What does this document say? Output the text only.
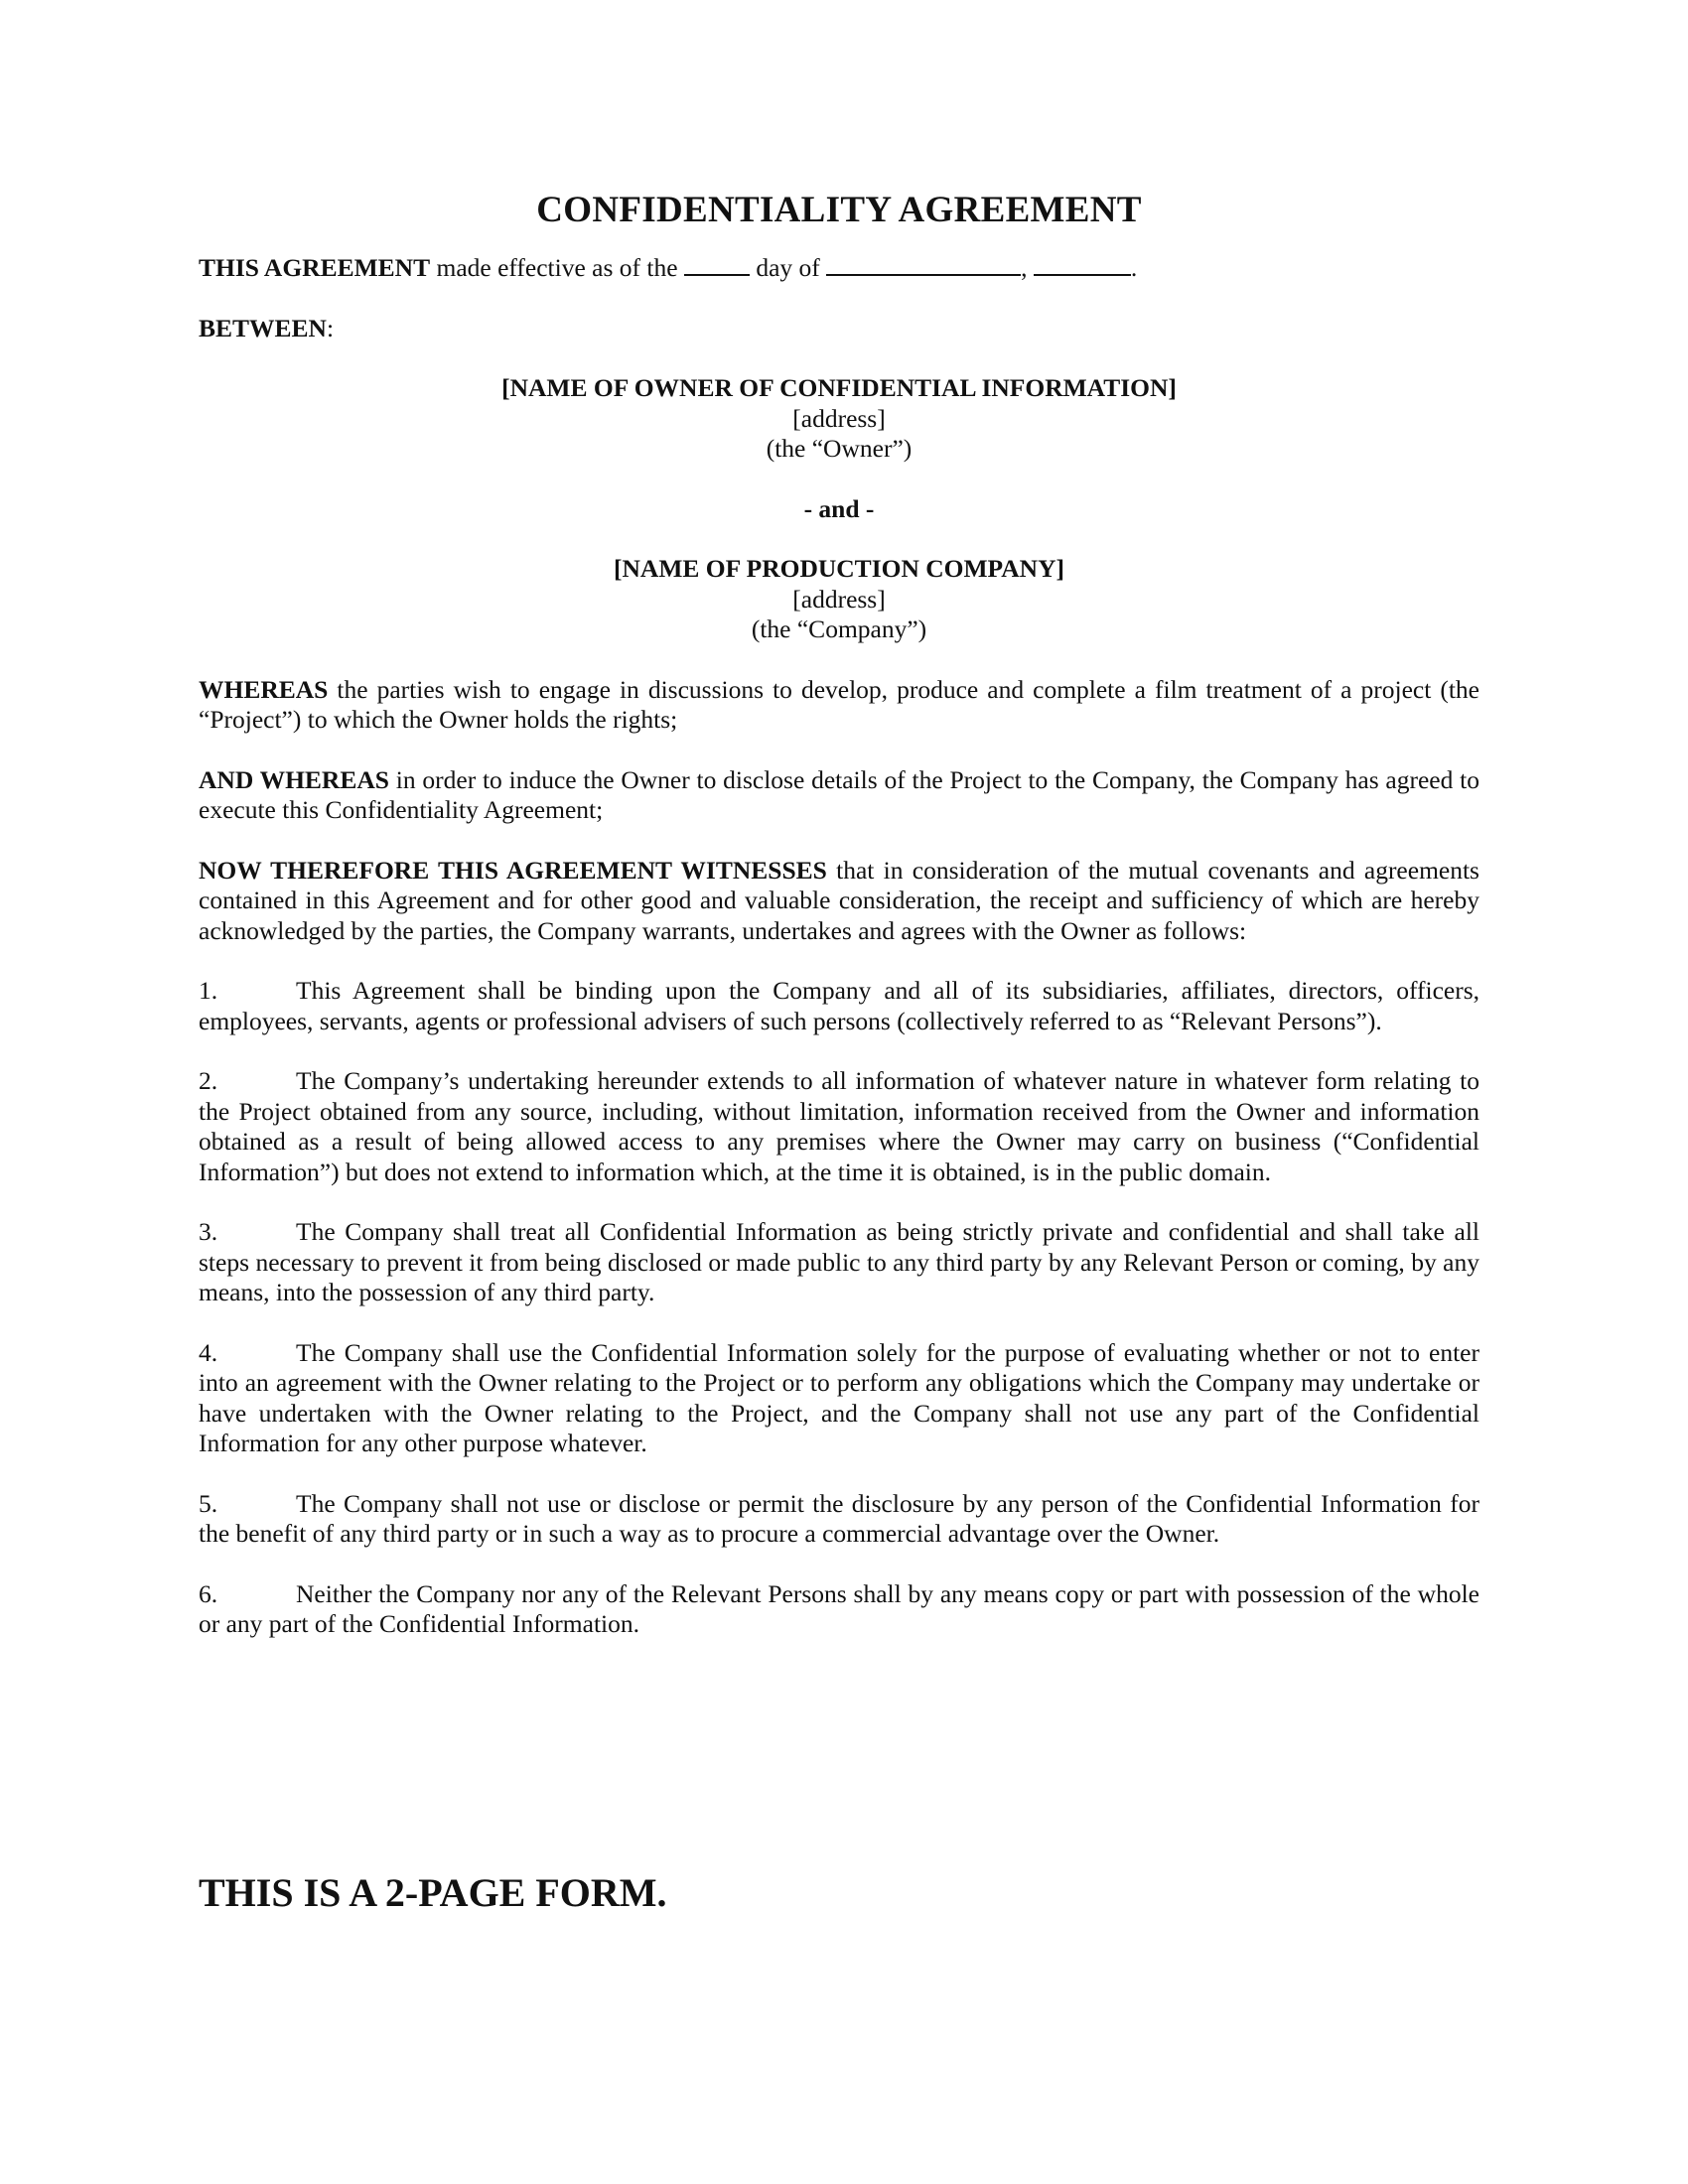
CONFIDENTIALITY AGREEMENT

THIS AGREEMENT made effective as of the	day of	,	.

BETWEEN:

[NAME OF OWNER OF CONFIDENTIAL INFORMATION]
[address]
(the “Owner”)
- and -
[NAME OF PRODUCTION COMPANY]
[address]
(the “Company”)

WHEREAS the parties wish to engage in discussions to develop, produce and complete a film treatment of a project (the “Project”) to which the Owner holds the rights;

AND WHEREAS in order to induce the Owner to disclose details of the Project to the Company, the Company has agreed to execute this Confidentiality Agreement;

NOW THEREFORE THIS AGREEMENT WITNESSES that in consideration of the mutual covenants and agreements contained in this Agreement and for other good and valuable consideration, the receipt and sufficiency of which are hereby acknowledged by the parties, the Company warrants, undertakes and agrees with the Owner as follows:

1.	This Agreement shall be binding upon the Company and all of its subsidiaries, affiliates, directors, officers, employees, servants, agents or professional advisers of such persons (collectively referred to as “Relevant Persons”).

2.	The Company’s undertaking hereunder extends to all information of whatever nature in whatever form relating to the Project obtained from any source, including, without limitation, information received from the Owner and information obtained as a result of being allowed access to any premises where the Owner may carry on business (“Confidential Information”) but does not extend to information which, at the time it is obtained, is in the public domain.

3.	The Company shall treat all Confidential Information as being strictly private and confidential and shall take all steps necessary to prevent it from being disclosed or made public to any third party by any Relevant Person or coming, by any means, into the possession of any third party.

4.	The Company shall use the Confidential Information solely for the purpose of evaluating whether or not to enter into an agreement with the Owner relating to the Project or to perform any obligations which the Company may undertake or have undertaken with the Owner relating to the Project, and the Company shall not use any part of the Confidential Information for any other purpose whatever.

5.	The Company shall not use or disclose or permit the disclosure by any person of the Confidential Information for the benefit of any third party or in such a way as to procure a commercial advantage over the Owner.

6.	Neither the Company nor any of the Relevant Persons shall by any means copy or part with possession of the whole or any part of the Confidential Information.

THIS IS A 2-PAGE FORM.
